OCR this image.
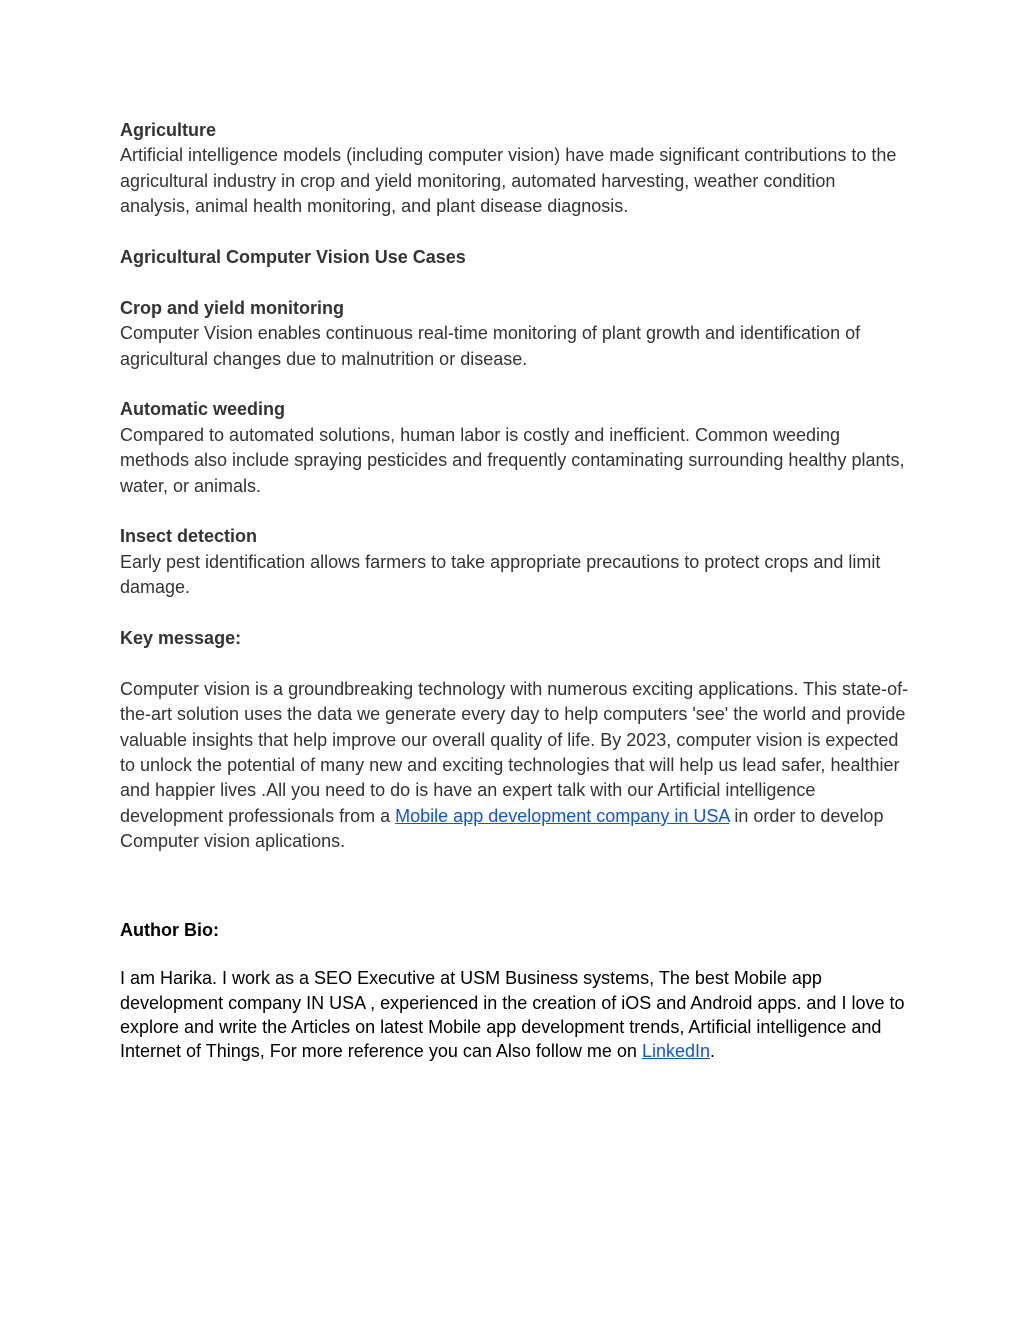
Agriculture

Artificial intelligence models (including computer vision) have made significant contributions to the agricultural industry in crop and yield monitoring, automated harvesting, weather condition analysis, animal health monitoring, and plant disease diagnosis.

Agricultural Computer Vision Use Cases
Crop and yield monitoring

Computer Vision enables continuous real-time monitoring of plant growth and identification of agricultural changes due to malnutrition or disease.

Automatic weeding

Compared to automated solutions, human labor is costly and inefficient. Common weeding methods also include spraying pesticides and frequently contaminating surrounding healthy plants, water, or animals.

Insect detection

Early pest identification allows farmers to take appropriate precautions to protect crops and limit damage.

Key message:

Computer vision is a groundbreaking technology with numerous exciting applications. This state-of-the-art solution uses the data we generate every day to help computers 'see' the world and provide valuable insights that help improve our overall quality of life. By 2023, computer vision is expected to unlock the potential of many new and exciting technologies that will help us lead safer, healthier and happier lives .All you need to do is have an expert talk with our Artificial intelligence development professionals from a Mobile app development company in USA in order to develop Computer vision aplications.

Author Bio:

I am Harika. I work as a SEO Executive at USM Business systems, The best Mobile app development company IN USA , experienced in the creation of iOS and Android apps. and I love to explore and write the Articles on latest Mobile app development trends, Artificial intelligence and Internet of Things, For more reference you can Also follow me on LinkedIn.
